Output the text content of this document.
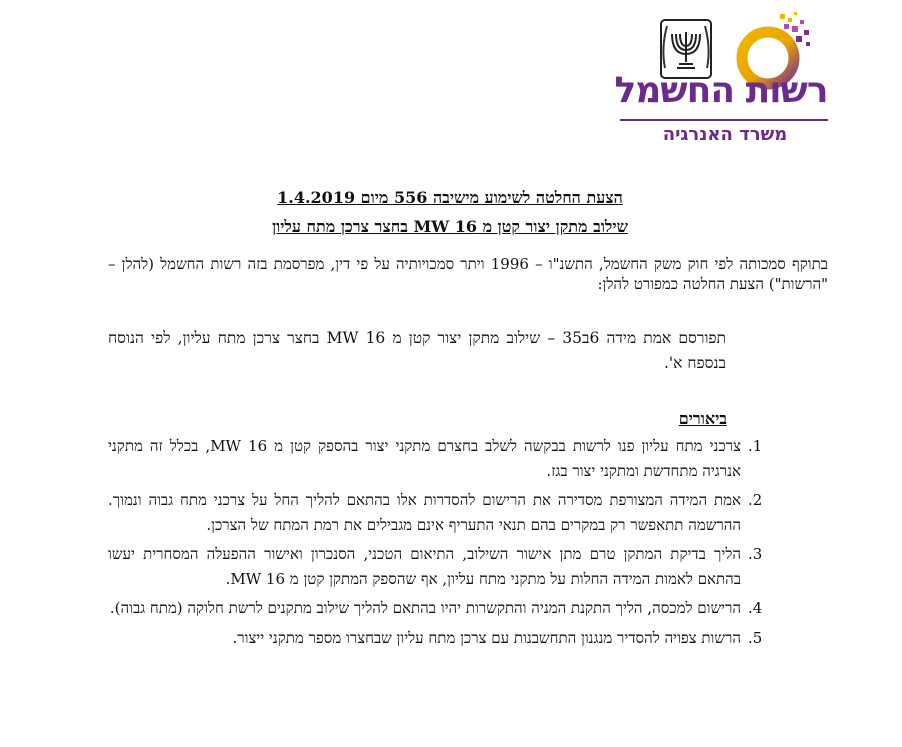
רשות החשמל
משרד האנרגיה
הצעת החלטה לשימוע מישיבה 556 מיום 1.4.2019
שילוב מתקן יצור קטן מ MW 16 בחצר צרכן מתח עליון
בתוקף סמכותה לפי חוק משק החשמל, התשנ"ו – 1996 ויתר סמכויותיה על פי דין, מפרסמת בזה רשות החשמל (להלן – "הרשות") הצעת החלטה כמפורט להלן:
תפורסם אמת מידה 6ב35 – שילוב מתקן יצור קטן מ MW 16 בחצר צרכן מתח עליון, לפי הנוסח בנספח א'.
ביאורים
1.
צרכני מתח עליון פנו לרשות בבקשה לשלב בחצרם מתקני יצור בהספק קטן מ MW 16, בכלל זה מתקני אנרגיה מתחדשת ומתקני יצור בגז.
2.
אמת המידה המצורפת מסדירה את הרישום להסדרות אלו בהתאם להליך החל על צרכני מתח גבוה ונמוך. ההרשמה תתאפשר רק במקרים בהם תנאי התעריף אינם מגבילים את רמת המתח של הצרכן.
3.
הליך בדיקת המתקן טרם מתן אישור השילוב, התיאום הטכני, הסנכרון ואישור ההפעלה המסחרית יעשו בהתאם לאמות המידה החלות על מתקני מתח עליון, אף שהספק המתקן קטן מ MW 16.
4.
הרישום למכסה, הליך התקנת המניה והתקשרות יהיו בהתאם להליך שילוב מתקנים לרשת חלוקה (מתח גבוה).
5.
הרשות צפויה להסדיר מנגנון התחשבנות עם צרכן מתח עליון שבחצרו מספר מתקני ייצור.
